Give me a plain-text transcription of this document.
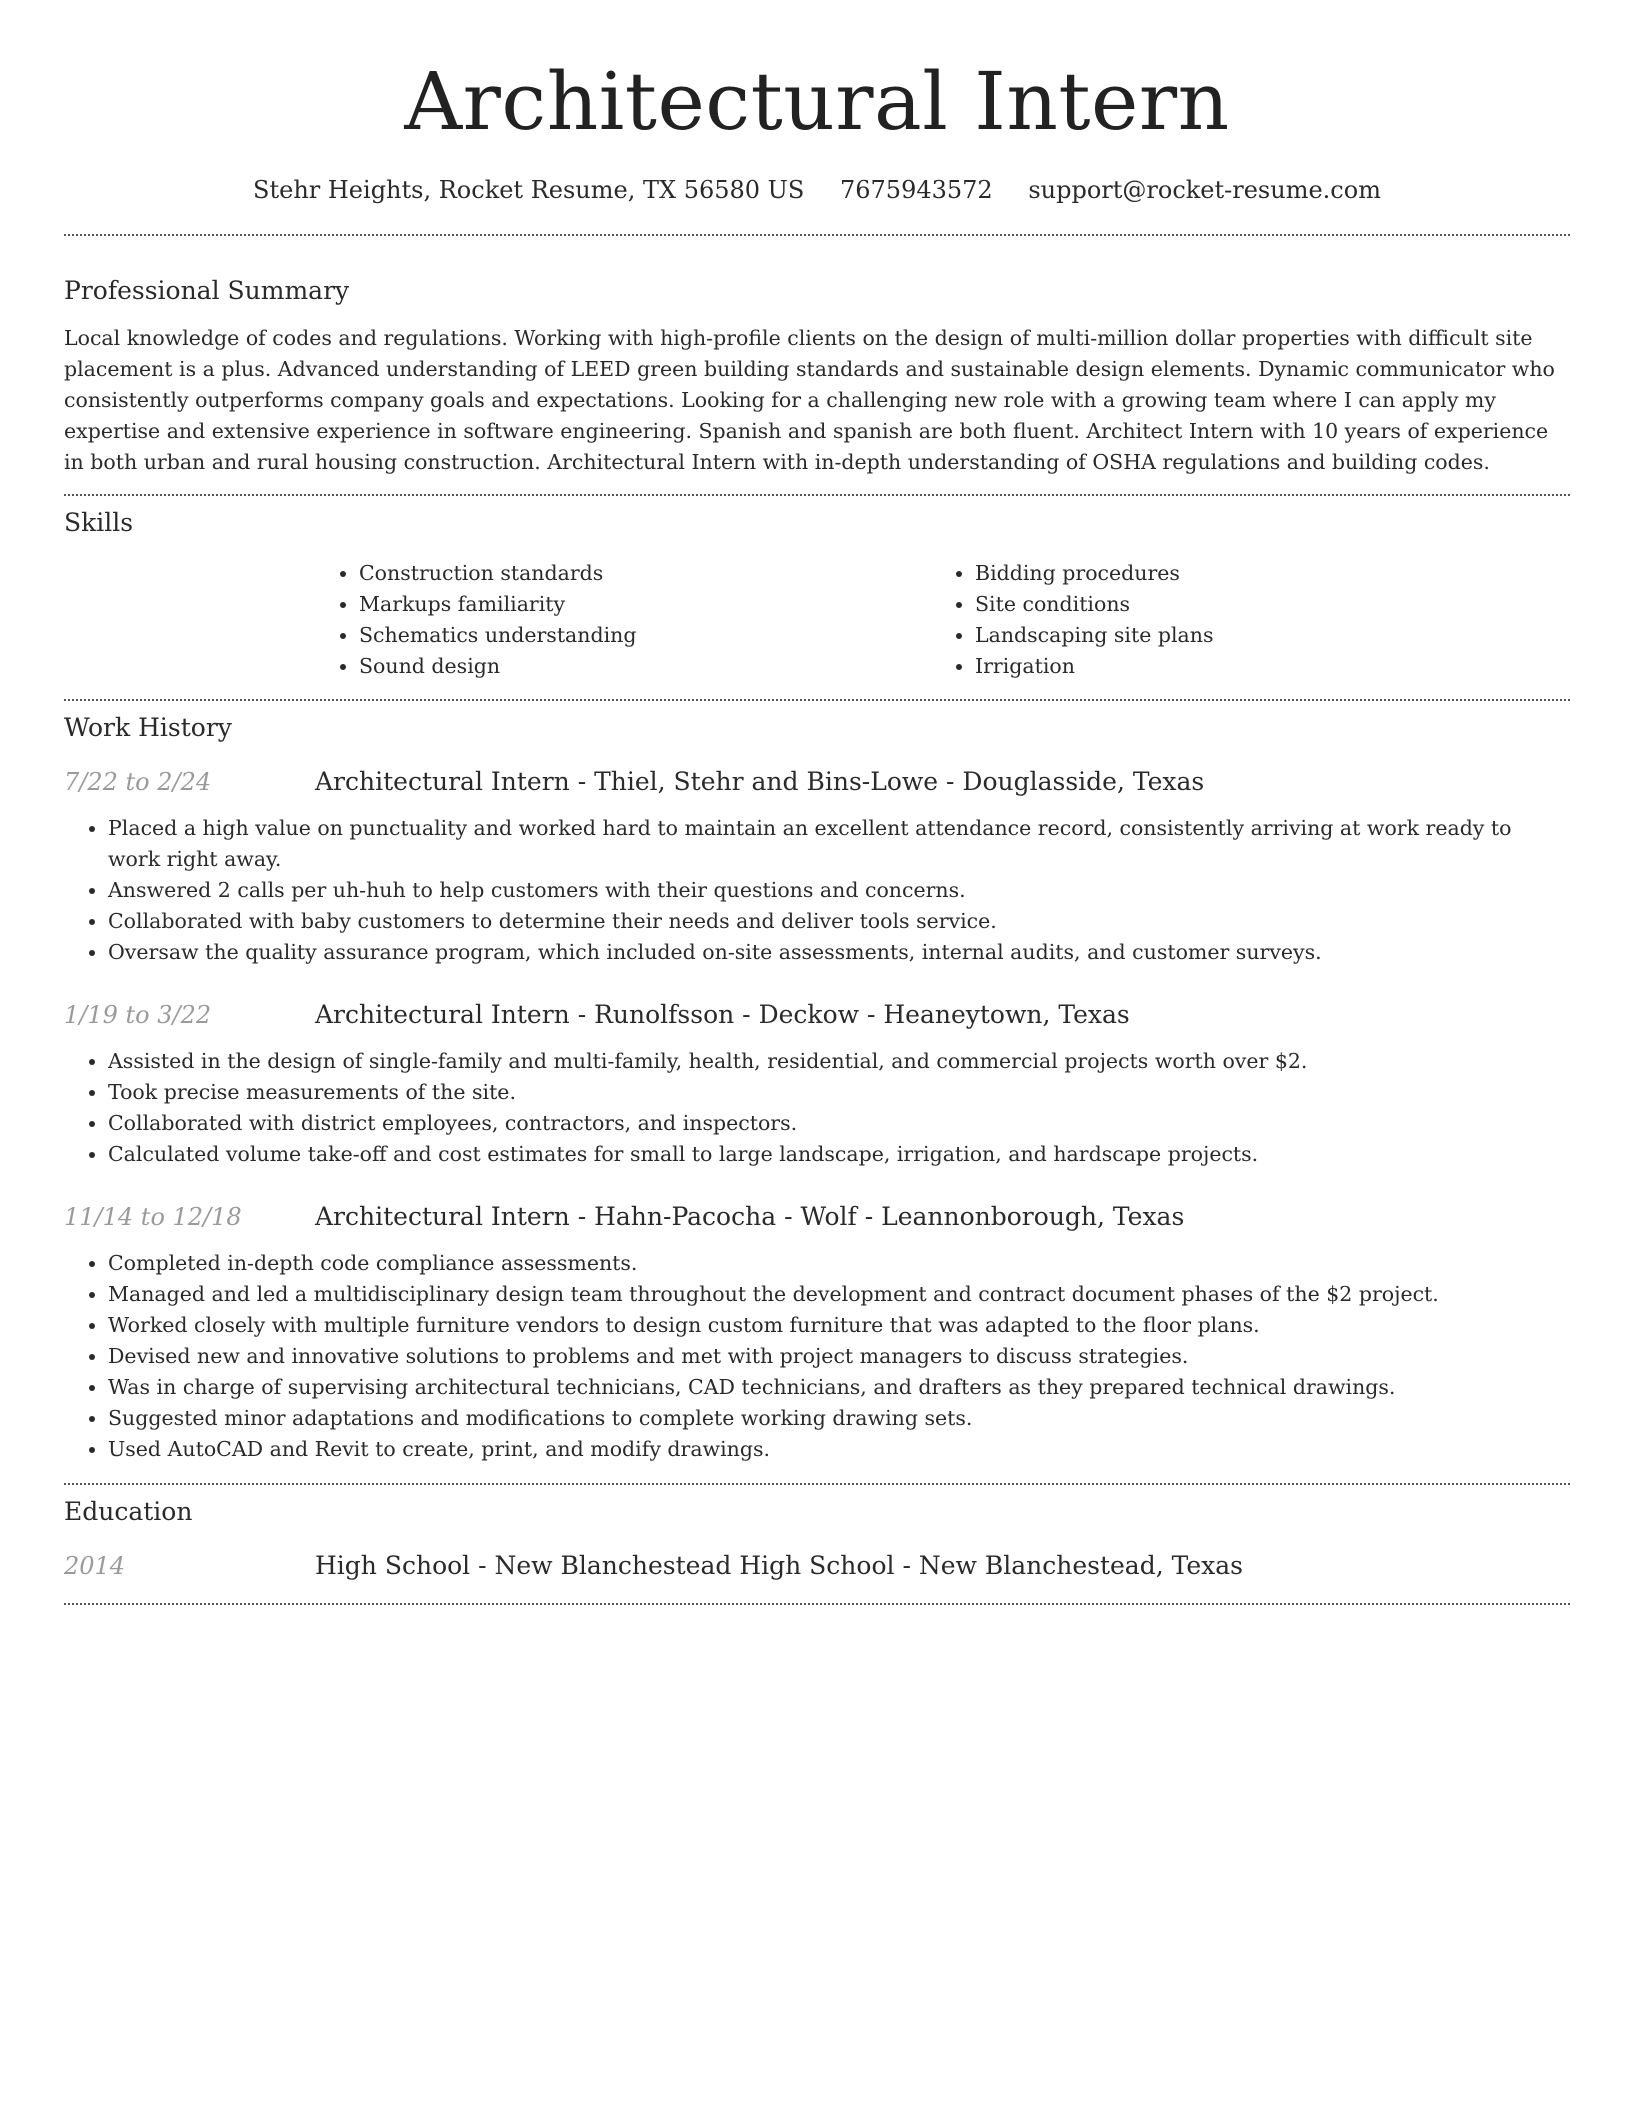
Architectural Intern
Stehr Heights, Rocket Resume, TX 56580 US 7675943572 support@rocket-resume.com
Professional Summary

Local knowledge of codes and regulations. Working with high-profile clients on the design of multi-million dollar properties with difficult site placement is a plus. Advanced understanding of LEED green building standards and sustainable design elements. Dynamic communicator who consistently outperforms company goals and expectations. Looking for a challenging new role with a growing team where I can apply my expertise and extensive experience in software engineering. Spanish and spanish are both fluent. Architect Intern with 10 years of experience in both urban and rural housing construction. Architectural Intern with in-depth understanding of OSHA regulations and building codes.

Skills
• Construction standards
• Markups familiarity
• Schematics understanding
• Sound design
• Bidding procedures
• Site conditions
• Landscaping site plans
• Irrigation
Work History
7/22 to 2/24	Architectural Intern - Thiel, Stehr and Bins-Lowe - Douglasside, Texas
• Placed a high value on punctuality and worked hard to maintain an excellent attendance record, consistently arriving at work ready to work right away.
• Answered 2 calls per uh-huh to help customers with their questions and concerns.
• Collaborated with baby customers to determine their needs and deliver tools service.
• Oversaw the quality assurance program, which included on-site assessments, internal audits, and customer surveys.
1/19 to 3/22	Architectural Intern - Runolfsson - Deckow - Heaneytown, Texas
• Assisted in the design of single-family and multi-family, health, residential, and commercial projects worth over $2.
• Took precise measurements of the site.
• Collaborated with district employees, contractors, and inspectors.
• Calculated volume take-off and cost estimates for small to large landscape, irrigation, and hardscape projects.
11/14 to 12/18	Architectural Intern - Hahn-Pacocha - Wolf - Leannonborough, Texas
• Completed in-depth code compliance assessments.
• Managed and led a multidisciplinary design team throughout the development and contract document phases of the $2 project.
• Worked closely with multiple furniture vendors to design custom furniture that was adapted to the floor plans.
• Devised new and innovative solutions to problems and met with project managers to discuss strategies.
• Was in charge of supervising architectural technicians, CAD technicians, and drafters as they prepared technical drawings.
• Suggested minor adaptations and modifications to complete working drawing sets.
• Used AutoCAD and Revit to create, print, and modify drawings.
Education
2014	High School - New Blanchestead High School - New Blanchestead, Texas
